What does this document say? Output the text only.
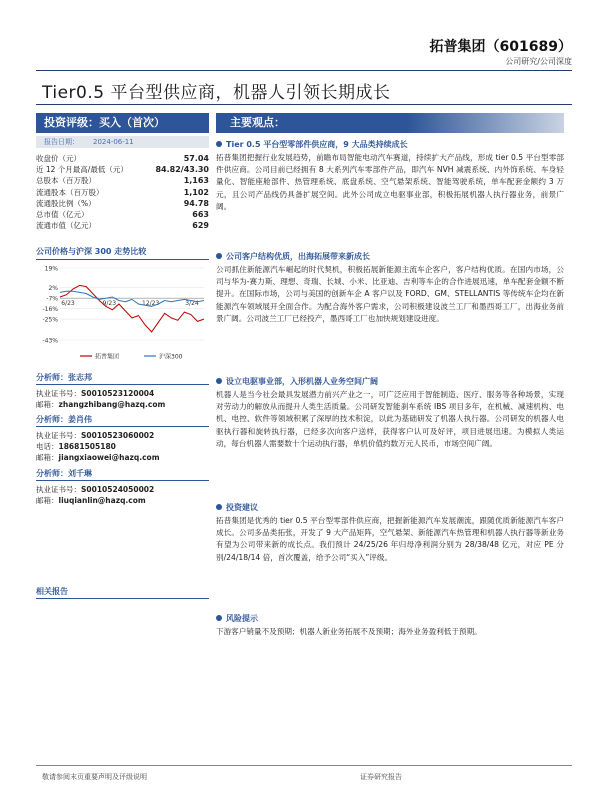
拓普集团（601689）
公司研究/公司深度
Tier0.5 平台型供应商，机器人引领长期成长
投资评级：买入（首次）
报告日期： 2024-06-11
收盘价（元）	57.04
近 12 个月最高/最低（元）	84.82/43.30
总股本（百万股）	1,163
流通股本（百万股）	1,102
流通股比例（%）	94.78
总市值（亿元）	663
流通市值（亿元）	629
公司价格与沪深 300 走势比较
19%
2%
-7%
-16%
-25%
-43%
6/23	9/23	12/23	3/24
拓普集团	沪深300
分析师：张志邦
执业证书号：S0010523120004
邮箱：zhangzhibang@hazq.com
分析师：姜肖伟
执业证书号：S0010523060002
电话：18681505180
邮箱：jiangxiaowei@hazq.com
分析师：刘千琳
执业证书号：S0010524050002
邮箱：liuqianlin@hazq.com
相关报告
主要观点：
Tier 0.5 平台型零部件供应商，9 大品类持续成长
拓普集团把握行业发展趋势，前瞻布局智能电动汽车赛道，持续扩大产品线，形成 tier 0.5 平台型零部件供应商。公司目前已经拥有 8 大系列汽车零部件产品，即汽车 NVH 减震系统、内外饰系统、车身轻量化、智能座舱部件、热管理系统、底盘系统、空气悬架系统、智能驾驶系统，单车配套金额约 3 万元，且公司产品线仍具备扩展空间。此外公司成立电驱事业部，积极拓展机器人执行器业务，前景广阔。
公司客户结构优质，出海拓展带来新成长
公司抓住新能源汽车崛起的时代契机，积极拓展新能源主流车企客户，客户结构优质。在国内市场，公司与华为-赛力斯、理想、奇瑞、长城、小米、比亚迪、吉利等车企的合作进展迅速，单车配套金额不断提升。在国际市场，公司与美国的创新车企 A 客户以及 FORD、GM、STELLANTIS 等传统车企均在新能源汽车领域展开全面合作。为配合海外客户需求，公司积极建设波兰工厂和墨西哥工厂，出海业务前景广阔。公司波兰工厂已经投产，墨西哥工厂也加快规划建设进度。
设立电驱事业部，入形机器人业务空间广阔
机器人是当今社会最具发展潜力前兴产业之一，可广泛应用于智能制造、医疗、服务等各种场景，实现对劳动力的解放从而提升人类生活质量。公司研发智能刹车系统 IBS 项目多年，在机械、减速机构、电机、电控、软件等领域积累了深厚的技术积淀，以此为基础研发了机器人执行器。公司研发的机器人电驱执行器和旋转执行器，已经多次向客户送样，获得客户认可及好评，项目进展迅速。为模拟人类运动，每台机器人需要数十个运动执行器，单机价值约数万元人民币，市场空间广阔。
投资建议
拓普集团是优秀的 tier 0.5 平台型零部件供应商，把握新能源汽车发展潮流，跟随优质新能源汽车客户成长。公司多品类拓张，开发了 9 大产品矩阵，空气悬架、新能源汽车热管理和机器人执行器等新业务有望为公司带来新的成长点。我们预计 24/25/26 年归母净利润分别为 28/38/48 亿元，对应 PE 分别/24/18/14 倍，首次覆盖，给予公司“买入”评级。
风险提示
下游客户销量不及预期；机器人新业务拓展不及预期；海外业务盈利低于预期。
敬请参阅末页重要声明及评级说明	证券研究报告
